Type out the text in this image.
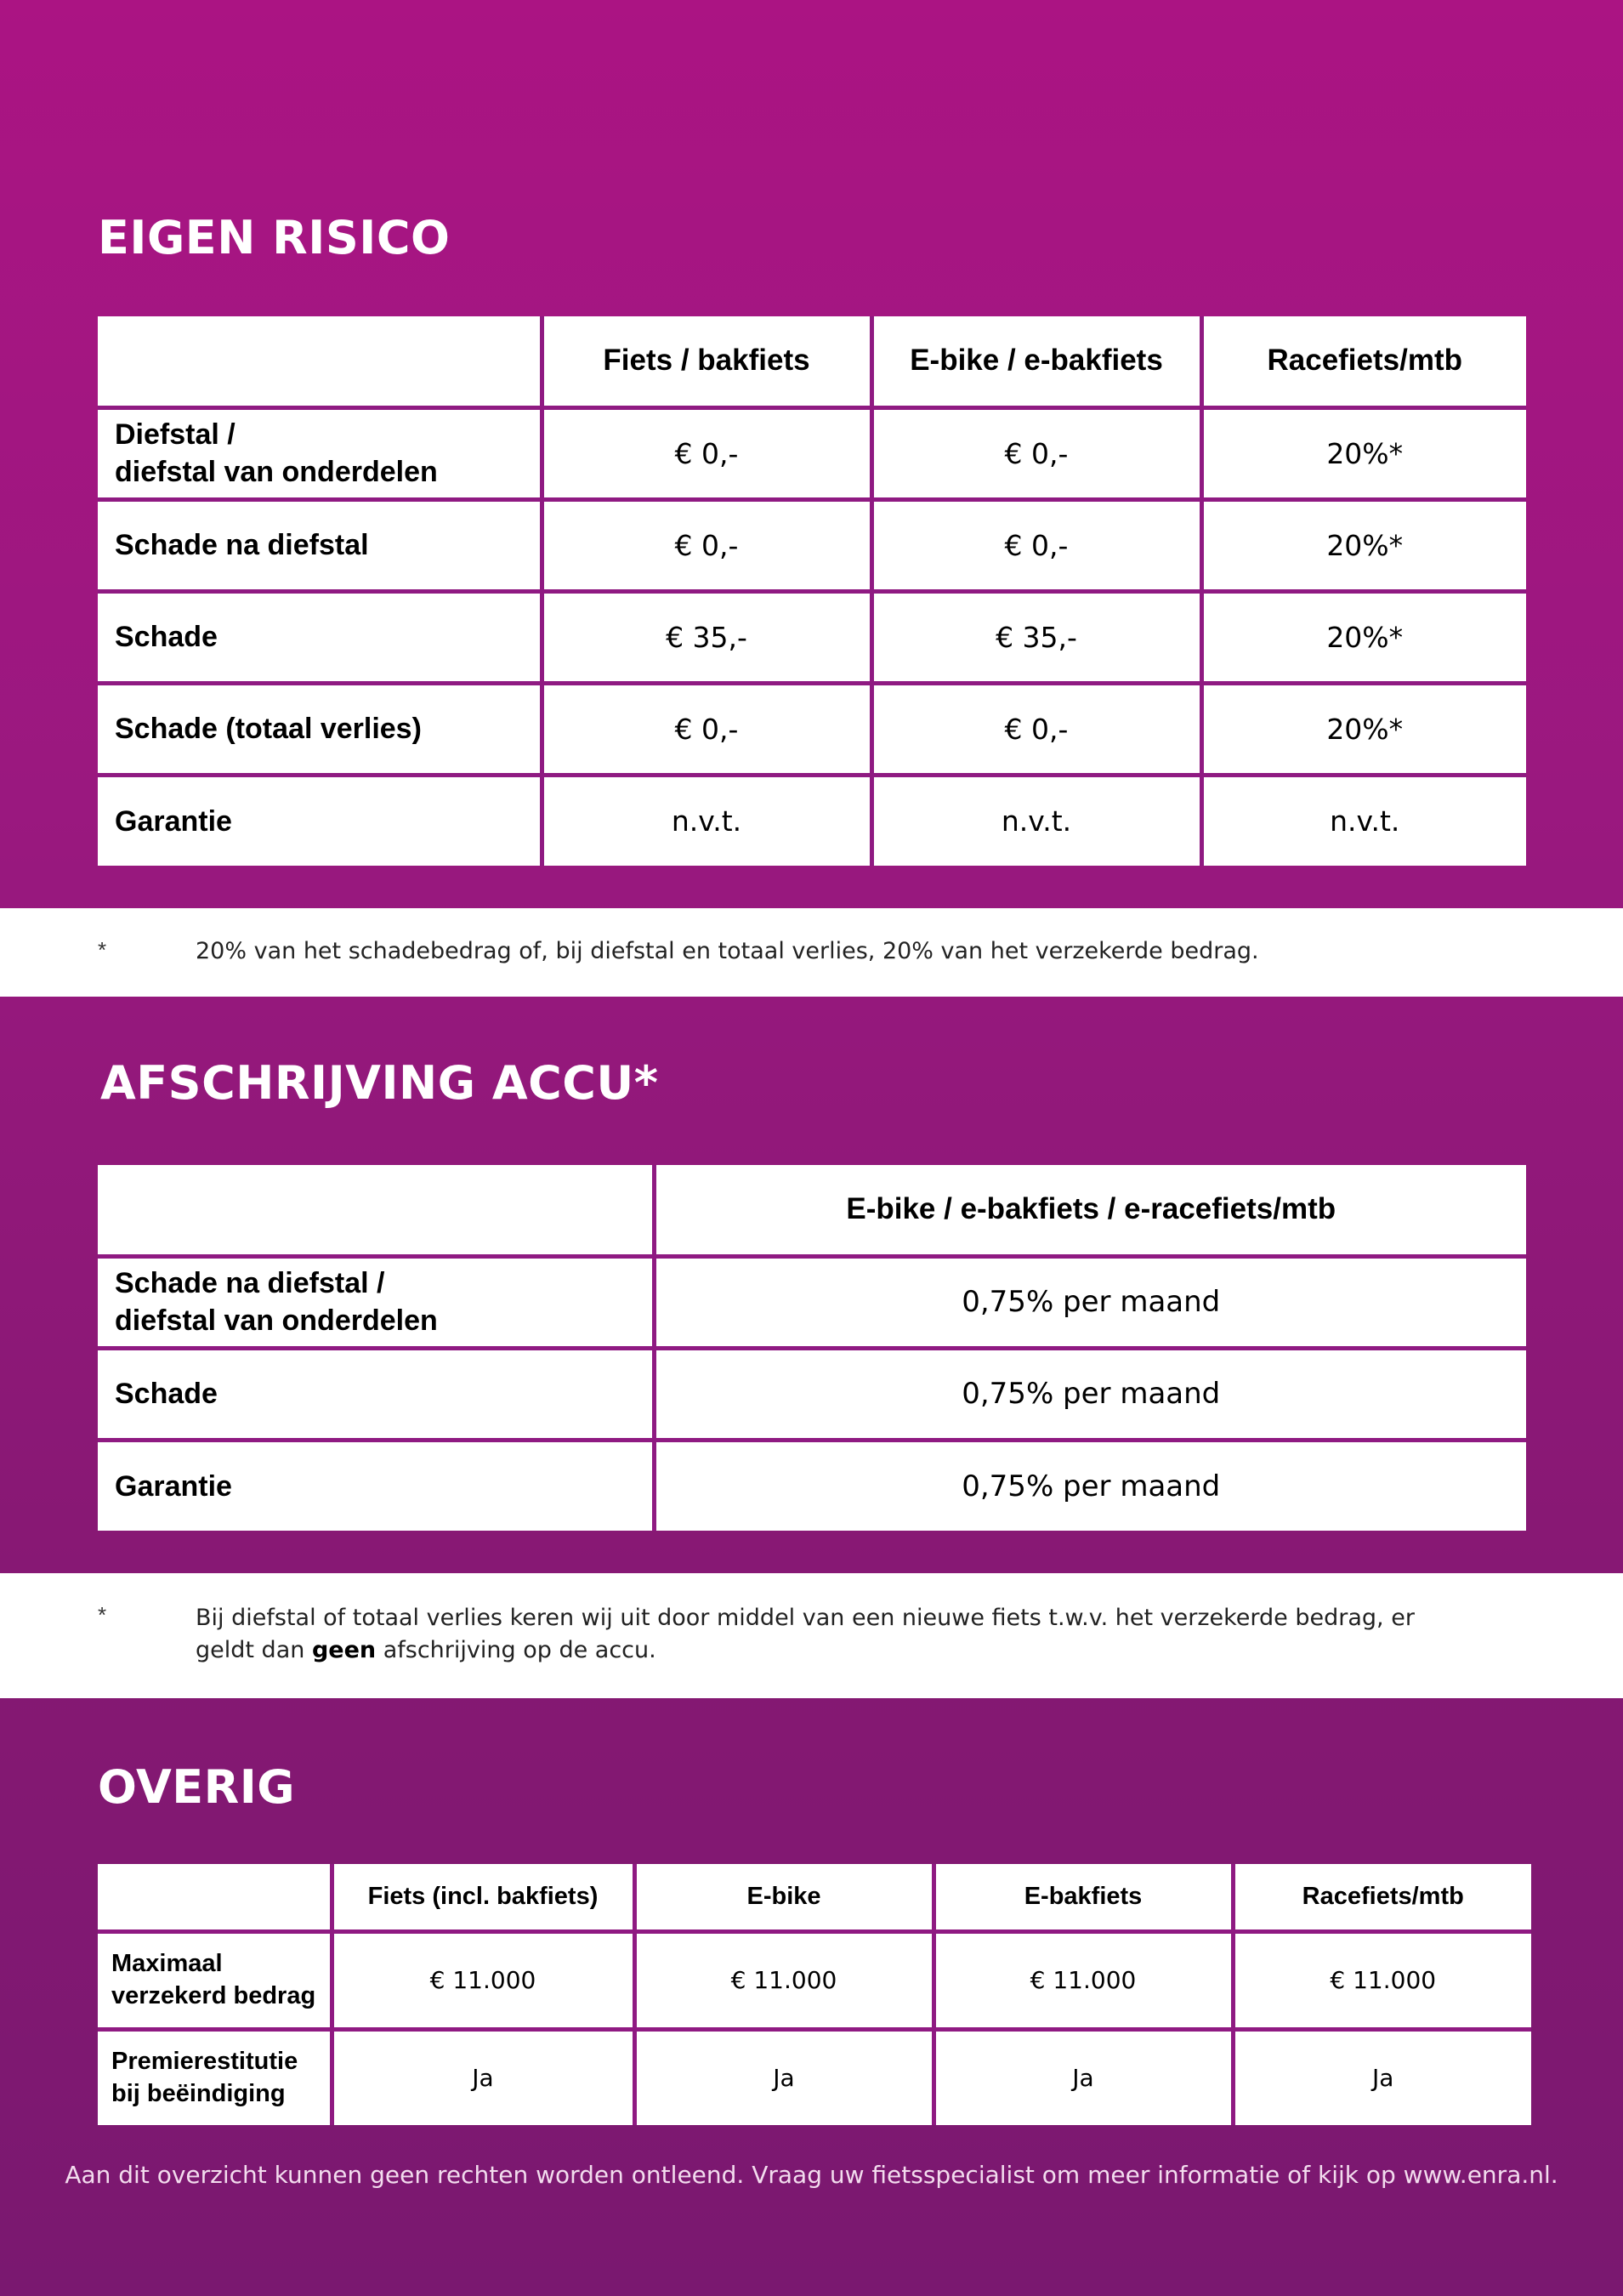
EIGEN RISICO
	Fiets / bakfiets	E-bike / e-bakfiets	Racefiets/mtb
Diefstal /
diefstal van onderdelen	€ 0,-	€ 0,-	20%*
Schade na diefstal	€ 0,-	€ 0,-	20%*
Schade	€ 35,-	€ 35,-	20%*
Schade (totaal verlies)	€ 0,-	€ 0,-	20%*
Garantie	n.v.t.	n.v.t.	n.v.t.
*	20% van het schadebedrag of, bij diefstal en totaal verlies, 20% van het verzekerde bedrag.
AFSCHRIJVING ACCU*
	E-bike / e-bakfiets / e-racefiets/mtb
Schade na diefstal /
diefstal van onderdelen	0,75% per maand
Schade	0,75% per maand
Garantie	0,75% per maand
*	Bij diefstal of totaal verlies keren wij uit door middel van een nieuwe fiets t.w.v. het verzekerde bedrag, er geldt dan geen afschrijving op de accu.
OVERIG
	Fiets (incl. bakfiets)	E-bike	E-bakfiets	Racefiets/mtb
Maximaal
verzekerd bedrag	€ 11.000	€ 11.000	€ 11.000	€ 11.000
Premierestitutie
bij beëindiging	Ja	Ja	Ja	Ja
Aan dit overzicht kunnen geen rechten worden ontleend. Vraag uw fietsspecialist om meer informatie of kijk op www.enra.nl.
